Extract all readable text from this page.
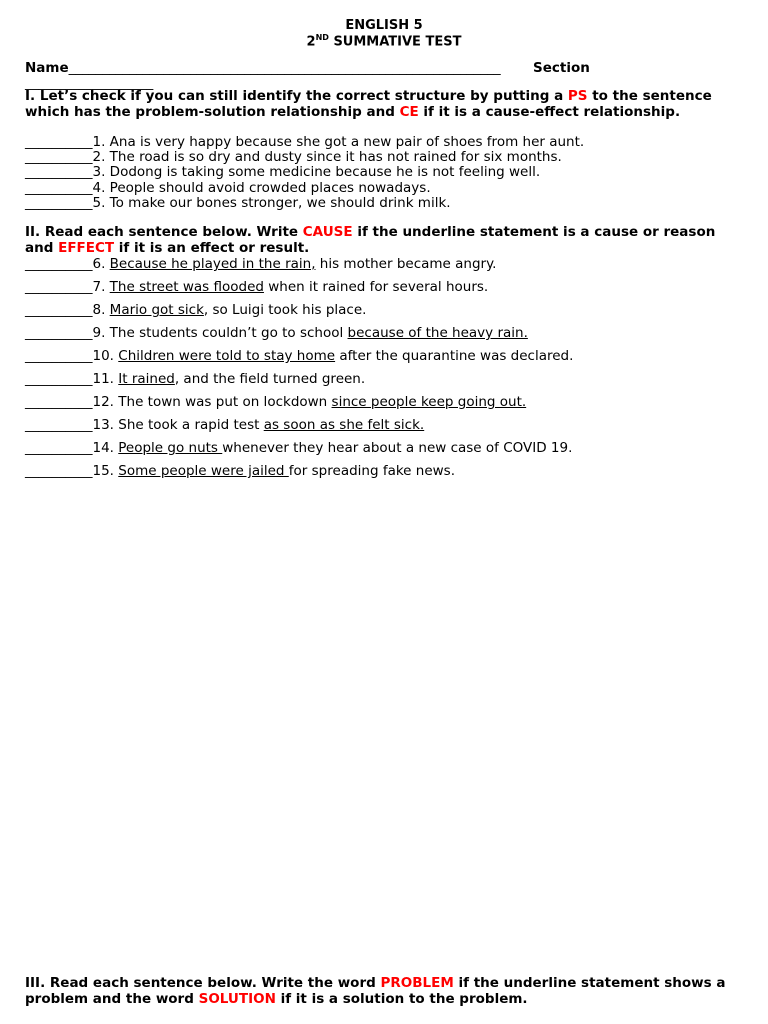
ENGLISH 5
2ND SUMMATIVE TEST
Name________________________________________________________________ Section
___________________
I. Let’s check if you can still identify the correct structure by putting a PS to the sentence which has the problem-solution relationship and CE if it is a cause-effect relationship.
__________1. Ana is very happy because she got a new pair of shoes from her aunt.
__________2. The road is so dry and dusty since it has not rained for six months.
__________3. Dodong is taking some medicine because he is not feeling well.
__________4. People should avoid crowded places nowadays.
__________5. To make our bones stronger, we should drink milk.
II. Read each sentence below. Write CAUSE if the underline statement is a cause or reason and EFFECT if it is an effect or result.
__________6. Because he played in the rain, his mother became angry.
__________7. The street was flooded when it rained for several hours.
__________8. Mario got sick, so Luigi took his place.
__________9. The students couldn’t go to school because of the heavy rain.
__________10. Children were told to stay home after the quarantine was declared.
__________11. It rained, and the field turned green.
__________12. The town was put on lockdown since people keep going out.
__________13. She took a rapid test as soon as she felt sick.
__________14. People go nuts whenever they hear about a new case of COVID 19.
__________15. Some people were jailed for spreading fake news.
III. Read each sentence below. Write the word PROBLEM if the underline statement shows a problem and the word SOLUTION if it is a solution to the problem.
